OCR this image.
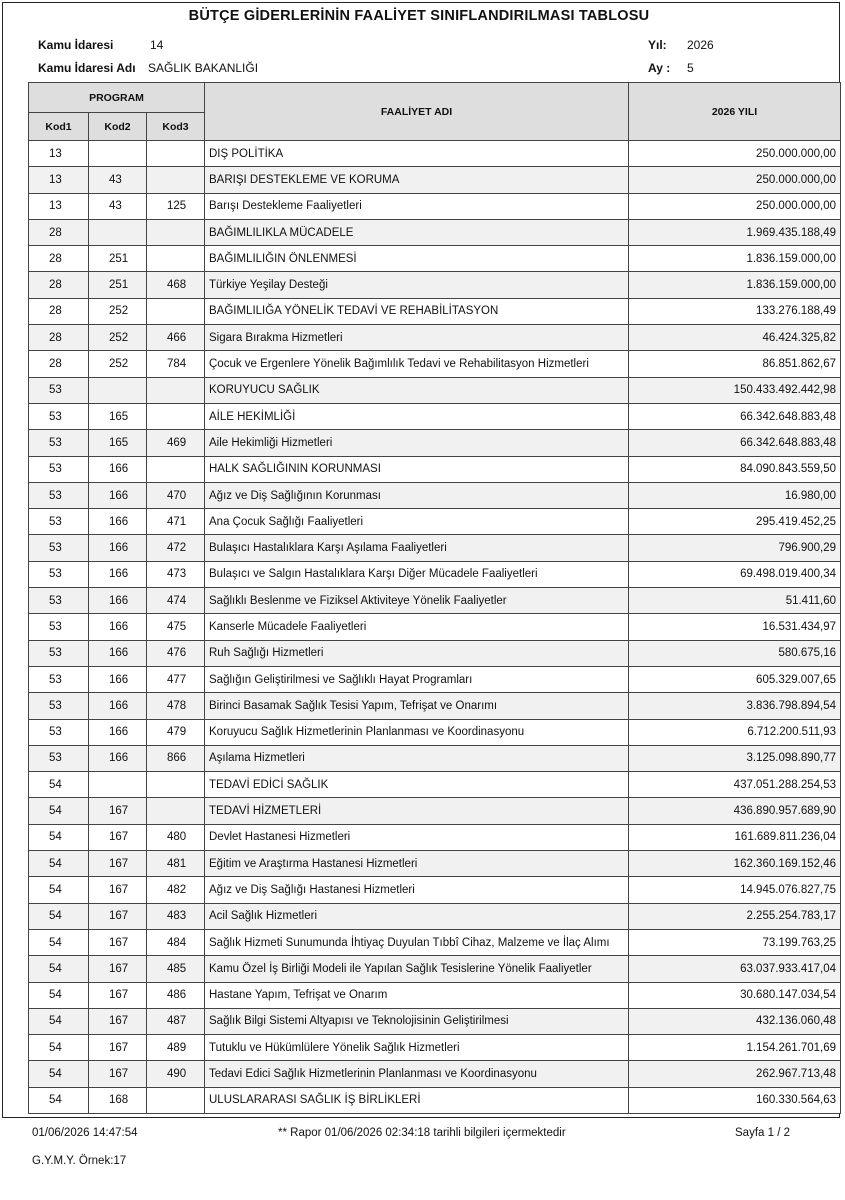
BÜTÇE GİDERLERİNİN FAALİYET SINIFLANDIRILMASI TABLOSU
Kamu İdaresi	14
Kamu İdaresi Adı SAĞLIK BAKANLIĞI
Yıl: 2026
Ay : 5
PROGRAM			FAALİYET ADI	2026 YILI
Kod1	Kod2	Kod3		
13			DIŞ POLİTİKA	250.000.000,00
13	43		BARIŞI DESTEKLEME VE KORUMA	250.000.000,00
13	43	125	Barışı Destekleme Faaliyetleri	250.000.000,00
28			BAĞIMLILIKLA MÜCADELE	1.969.435.188,49
28	251		BAĞIMLILIĞIN ÖNLENMESİ	1.836.159.000,00
28	251	468	Türkiye Yeşilay Desteği	1.836.159.000,00
28	252		BAĞIMLILIĞA YÖNELİK TEDAVİ VE REHABİLİTASYON	133.276.188,49
28	252	466	Sigara Bırakma Hizmetleri	46.424.325,82
28	252	784	Çocuk ve Ergenlere Yönelik Bağımlılık Tedavi ve Rehabilitasyon Hizmetleri	86.851.862,67
53			KORUYUCU SAĞLIK	150.433.492.442,98
53	165		AİLE HEKİMLİĞİ	66.342.648.883,48
53	165	469	Aile Hekimliği Hizmetleri	66.342.648.883,48
53	166		HALK SAĞLIĞININ KORUNMASI	84.090.843.559,50
53	166	470	Ağız ve Diş Sağlığının Korunması	16.980,00
53	166	471	Ana Çocuk Sağlığı Faaliyetleri	295.419.452,25
53	166	472	Bulaşıcı Hastalıklara Karşı Aşılama Faaliyetleri	796.900,29
53	166	473	Bulaşıcı ve Salgın Hastalıklara Karşı Diğer Mücadele Faaliyetleri	69.498.019.400,34
53	166	474	Sağlıklı Beslenme ve Fiziksel Aktiviteye Yönelik Faaliyetler	51.411,60
53	166	475	Kanserle Mücadele Faaliyetleri	16.531.434,97
53	166	476	Ruh Sağlığı Hizmetleri	580.675,16
53	166	477	Sağlığın Geliştirilmesi ve Sağlıklı Hayat Programları	605.329.007,65
53	166	478	Birinci Basamak Sağlık Tesisi Yapım, Tefrişat ve Onarımı	3.836.798.894,54
53	166	479	Koruyucu Sağlık Hizmetlerinin Planlanması ve Koordinasyonu	6.712.200.511,93
53	166	866	Aşılama Hizmetleri	3.125.098.890,77
54			TEDAVİ EDİCİ SAĞLIK	437.051.288.254,53
54	167		TEDAVİ HİZMETLERİ	436.890.957.689,90
54	167	480	Devlet Hastanesi Hizmetleri	161.689.811.236,04
54	167	481	Eğitim ve Araştırma Hastanesi Hizmetleri	162.360.169.152,46
54	167	482	Ağız ve Diş Sağlığı Hastanesi Hizmetleri	14.945.076.827,75
54	167	483	Acil Sağlık Hizmetleri	2.255.254.783,17
54	167	484	Sağlık Hizmeti Sunumunda İhtiyaç Duyulan Tıbbî Cihaz, Malzeme ve İlaç Alımı	73.199.763,25
54	167	485	Kamu Özel İş Birliği Modeli ile Yapılan Sağlık Tesislerine Yönelik Faaliyetler	63.037.933.417,04
54	167	486	Hastane Yapım, Tefrişat ve Onarım	30.680.147.034,54
54	167	487	Sağlık Bilgi Sistemi Altyapısı ve Teknolojisinin Geliştirilmesi	432.136.060,48
54	167	489	Tutuklu ve Hükümlülere Yönelik Sağlık Hizmetleri	1.154.261.701,69
54	167	490	Tedavi Edici Sağlık Hizmetlerinin Planlanması ve Koordinasyonu	262.967.713,48
54	168		ULUSLARARASI SAĞLIK İŞ BİRLİKLERİ	160.330.564,63
01/06/2026 14:47:54	** Rapor 01/06/2026 02:34:18 tarihli bilgileri içermektedir	Sayfa 1 / 2
G.Y.M.Y. Örnek:17
